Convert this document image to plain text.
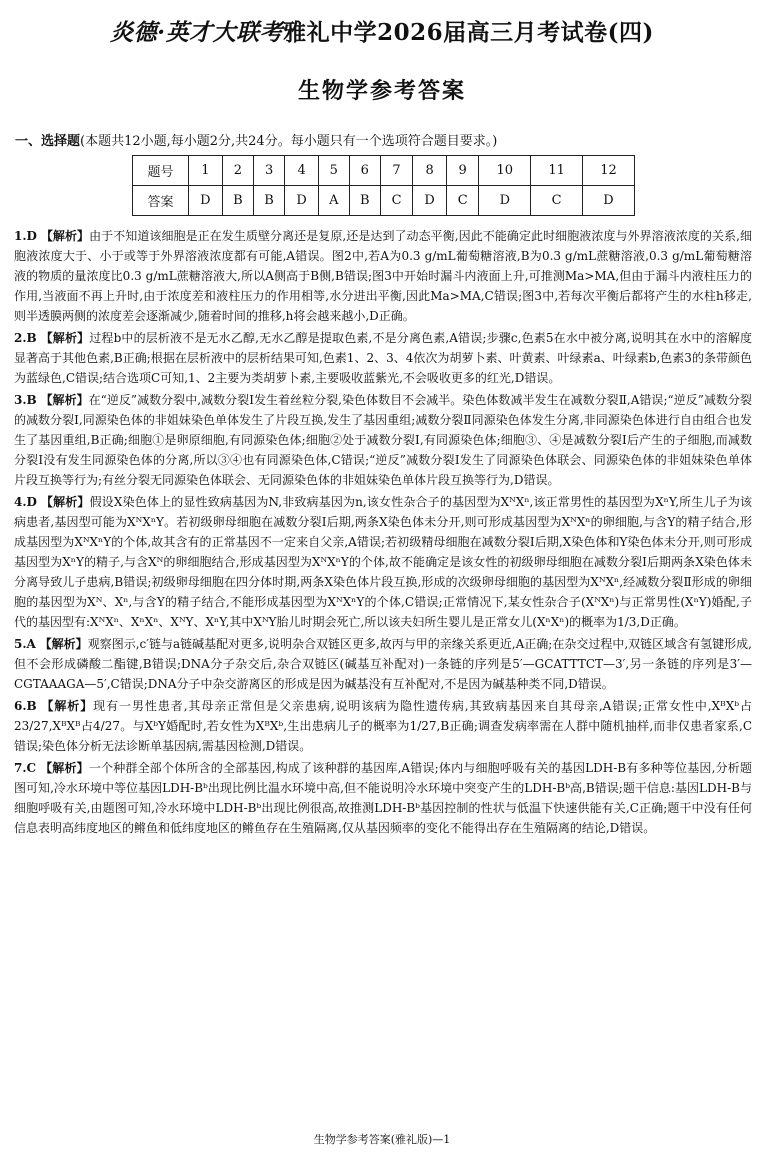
炎德·英才大联考雅礼中学2026届高三月考试卷(四)
生物学参考答案
一、选择题(本题共12小题,每小题2分,共24分。每小题只有一个选项符合题目要求。)
题号	1	2	3	4	5	6	7	8	9	10	11	12
答案	D	B	B	D	A	B	C	D	C	D	C	D

1.D 【解析】由于不知道该细胞是正在发生质壁分离还是复原,还是达到了动态平衡,因此不能确定此时细胞液浓度与外界溶液浓度的关系,细胞液浓度大于、小于或等于外界溶液浓度都有可能,A错误。图2中,若A为0.3 g/mL葡萄糖溶液,B为0.3 g/mL蔗糖溶液,0.3 g/mL葡萄糖溶液的物质的量浓度比0.3 g/mL蔗糖溶液大,所以A侧高于B侧,B错误;图3中开始时漏斗内液面上升,可推测Ma>MA,但由于漏斗内液柱压力的作用,当液面不再上升时,由于浓度差和液柱压力的作用相等,水分进出平衡,因此Ma>MA,C错误;图3中,若每次平衡后都将产生的水柱h移走,则半透膜两侧的浓度差会逐渐减少,随着时间的推移,h将会越来越小,D正确。

2.B 【解析】过程b中的层析液不是无水乙醇,无水乙醇是提取色素,不是分离色素,A错误;步骤c,色素5在水中被分离,说明其在水中的溶解度显著高于其他色素,B正确;根据在层析液中的层析结果可知,色素1、2、3、4依次为胡萝卜素、叶黄素、叶绿素a、叶绿素b,色素3的条带颜色为蓝绿色,C错误;结合选项C可知,1、2主要为类胡萝卜素,主要吸收蓝紫光,不会吸收更多的红光,D错误。

3.B 【解析】在“逆反”减数分裂中,减数分裂Ⅰ发生着丝粒分裂,染色体数目不会减半。染色体数减半发生在减数分裂Ⅱ,A错误;“逆反”减数分裂的减数分裂Ⅰ,同源染色体的非姐妹染色单体发生了片段互换,发生了基因重组;减数分裂Ⅱ同源染色体发生分离,非同源染色体进行自由组合也发生了基因重组,B正确;细胞①是卵原细胞,有同源染色体;细胞②处于减数分裂Ⅰ,有同源染色体;细胞③、④是减数分裂Ⅰ后产生的子细胞,而减数分裂Ⅰ没有发生同源染色体的分离,所以③④也有同源染色体,C错误;“逆反”减数分裂Ⅰ发生了同源染色体联会、同源染色体的非姐妹染色单体片段互换等行为;有丝分裂无同源染色体联会、无同源染色体的非姐妹染色单体片段互换等行为,D错误。

4.D 【解析】假设X染色体上的显性致病基因为N,非致病基因为n,该女性杂合子的基因型为XᴺXⁿ,该正常男性的基因型为XⁿY,所生儿子为该病患者,基因型可能为XᴺXⁿY。若初级卵母细胞在减数分裂Ⅰ后期,两条X染色体未分开,则可形成基因型为XᴺXⁿ的卵细胞,与含Y的精子结合,形成基因型为XᴺXⁿY的个体,故其含有的正常基因不一定来自父亲,A错误;若初级精母细胞在减数分裂Ⅰ后期,X染色体和Y染色体未分开,则可形成基因型为XⁿY的精子,与含Xᴺ的卵细胞结合,形成基因型为XᴺXⁿY的个体,故不能确定是该女性的初级卵母细胞在减数分裂Ⅰ后期两条X染色体未分离导致儿子患病,B错误;初级卵母细胞在四分体时期,两条X染色体片段互换,形成的次级卵母细胞的基因型为XᴺXⁿ,经减数分裂Ⅱ形成的卵细胞的基因型为Xᴺ、Xⁿ,与含Y的精子结合,不能形成基因型为XᴺXⁿY的个体,C错误;正常情况下,某女性杂合子(XᴺXⁿ)与正常男性(XⁿY)婚配,子代的基因型有:XᴺXⁿ、XⁿXⁿ、XᴺY、XⁿY,其中XᴺY胎儿时期会死亡,所以该夫妇所生婴儿是正常女儿(XⁿXⁿ)的概率为1/3,D正确。

5.A 【解析】观察图示,c′链与a链碱基配对更多,说明杂合双链区更多,故丙与甲的亲缘关系更近,A正确;在杂交过程中,双链区域含有氢键形成,但不会形成磷酸二酯键,B错误;DNA分子杂交后,杂合双链区(碱基互补配对)一条链的序列是5′—GCATTTCT—3′,另一条链的序列是3′—CGTAAAGA—5′,C错误;DNA分子中杂交游离区的形成是因为碱基没有互补配对,不是因为碱基种类不同,D错误。

6.B 【解析】现有一男性患者,其母亲正常但是父亲患病,说明该病为隐性遗传病,其致病基因来自其母亲,A错误;正常女性中,XᴮXᵇ占23/27,XᴮXᴮ占4/27。与XᵇY婚配时,若女性为XᴮXᵇ,生出患病儿子的概率为1/27,B正确;调查发病率需在人群中随机抽样,而非仅患者家系,C错误;染色体分析无法诊断单基因病,需基因检测,D错误。

7.C 【解析】一个种群全部个体所含的全部基因,构成了该种群的基因库,A错误;体内与细胞呼吸有关的基因LDH-B有多种等位基因,分析题图可知,冷水环境中等位基因LDH-Bᵇ出现比例比温水环境中高,但不能说明冷水环境中突变产生的LDH-Bᵇ高,B错误;题干信息:基因LDH-B与细胞呼吸有关,由题图可知,冷水环境中LDH-Bᵇ出现比例很高,故推测LDH-Bᵇ基因控制的性状与低温下快速供能有关,C正确;题干中没有任何信息表明高纬度地区的鳉鱼和低纬度地区的鳉鱼存在生殖隔离,仅从基因频率的变化不能得出存在生殖隔离的结论,D错误。

生物学参考答案(雅礼版)—1
